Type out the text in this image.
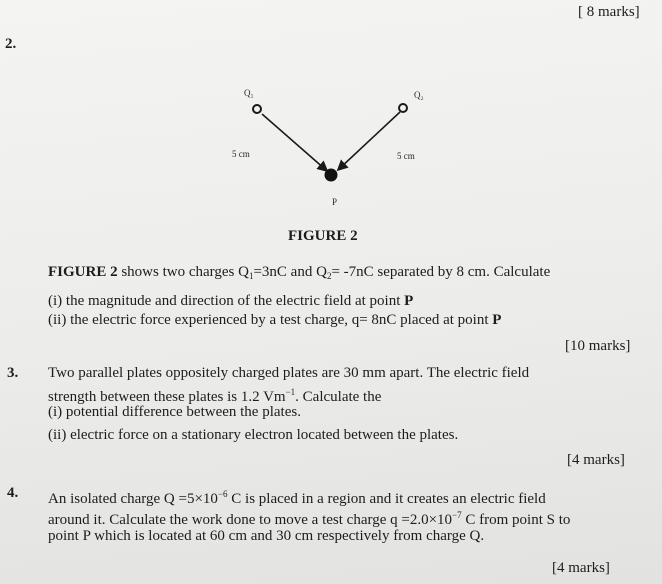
[ 8 marks]
2.
Q₁	Q₂
5 cm	5 cm
P
FIGURE 2
FIGURE 2 shows two charges $Q_1=3nC$ and $Q_2= -7nC$ separated by 8 cm. Calculate
(i) the magnitude and direction of the electric field at point P
(ii) the electric force experienced by a test charge, q= 8nC placed at point P
[10 marks]
3. Two parallel plates oppositely charged plates are 30 mm apart. The electric field
strength between these plates is 1.2 $Vm^{-1}$. Calculate the
(i) potential difference between the plates.
(ii) electric force on a stationary electron located between the plates.
[4 marks]
4. An isolated charge $Q =5\times 10^{-6}$ C is placed in a region and it creates an electric field
around it. Calculate the work done to move a test charge $q =2.0\times 10^{-7}$ C from point S to
point P which is located at 60 cm and 30 cm respectively from charge Q.
[4 marks]
